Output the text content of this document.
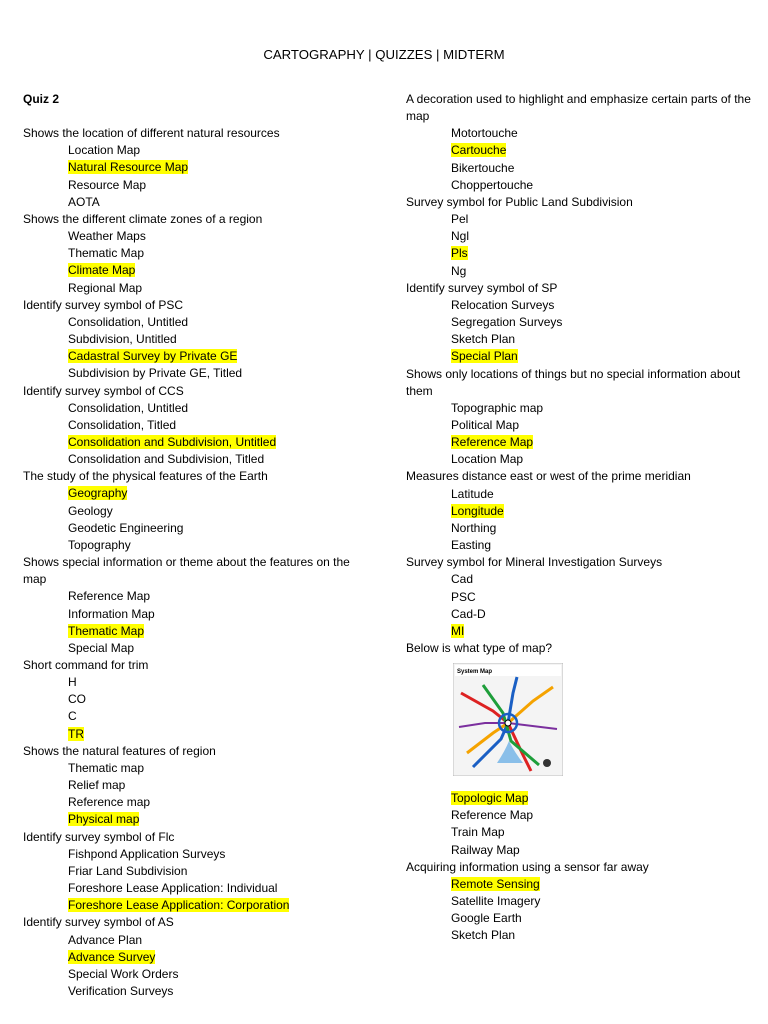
CARTOGRAPHY | QUIZZES | MIDTERM
Quiz 2
Shows the location of different natural resources
Location Map
Natural Resource Map
Resource Map
AOTA
Shows the different climate zones of a region
Weather Maps
Thematic Map
Climate Map
Regional Map
Identify survey symbol of PSC
Consolidation, Untitled
Subdivision, Untitled
Cadastral Survey by Private GE
Subdivision by Private GE, Titled
Identify survey symbol of CCS
Consolidation, Untitled
Consolidation, Titled
Consolidation and Subdivision, Untitled
Consolidation and Subdivision, Titled
The study of the physical features of the Earth
Geography
Geology
Geodetic Engineering
Topography
Shows special information or theme about the features on the map
Reference Map
Information Map
Thematic Map
Special Map
Short command for trim
H
CO
C
TR
Shows the natural features of region
Thematic map
Relief map
Reference map
Physical map
Identify survey symbol of Flc
Fishpond Application Surveys
Friar Land Subdivision
Foreshore Lease Application: Individual
Foreshore Lease Application: Corporation
Identify survey symbol of AS
Advance Plan
Advance Survey
Special Work Orders
Verification Surveys
A decoration used to highlight and emphasize certain parts of the map
Motortouche
Cartouche
Bikertouche
Choppertouche
Survey symbol for Public Land Subdivision
Pel
Ngl
Pls
Ng
Identify survey symbol of SP
Relocation Surveys
Segregation Surveys
Sketch Plan
Special Plan
Shows only locations of things but no special information about them
Topographic map
Political Map
Reference Map
Location Map
Measures distance east or west of the prime meridian
Latitude
Longitude
Northing
Easting
Survey symbol for Mineral Investigation Surveys
Cad
PSC
Cad-D
MI
Below is what type of map?
System Map
Topologic Map
Reference Map
Train Map
Railway Map
Acquiring information using a sensor far away
Remote Sensing
Satellite Imagery
Google Earth
Sketch Plan
